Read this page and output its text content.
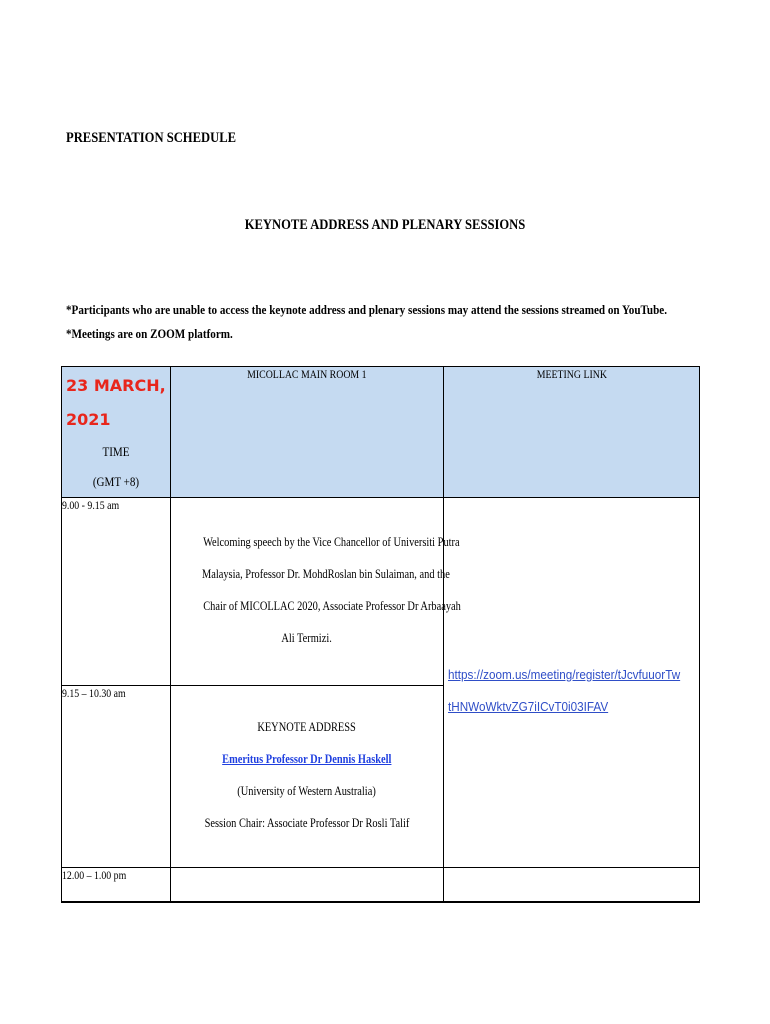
PRESENTATION SCHEDULE
KEYNOTE ADDRESS AND PLENARY SESSIONS
*Participants who are unable to access the keynote address and plenary sessions may attend the sessions streamed on YouTube.
*Meetings are on ZOOM platform.
23 MARCH,
2021
TIME
(GMT +8)	MICOLLAC MAIN ROOM 1	MEETING LINK
9.00 - 9.15 am	Welcoming speech by the Vice Chancellor of Universiti Putra
Malaysia, Professor Dr. MohdRoslan bin Sulaiman, and the
Chair of MICOLLAC 2020, Associate Professor Dr Arbaayah
Ali Termizi.	https://zoom.us/meeting/register/tJcvfuuorTwtHNWoWktvZG7iICvT0i03IFAV

9.15 – 10.30 am	KEYNOTE ADDRESS
Emeritus Professor Dr Dennis Haskell
(University of Western Australia)
Session Chair: Associate Professor Dr Rosli Talif	

12.00 – 1.00 pm		
